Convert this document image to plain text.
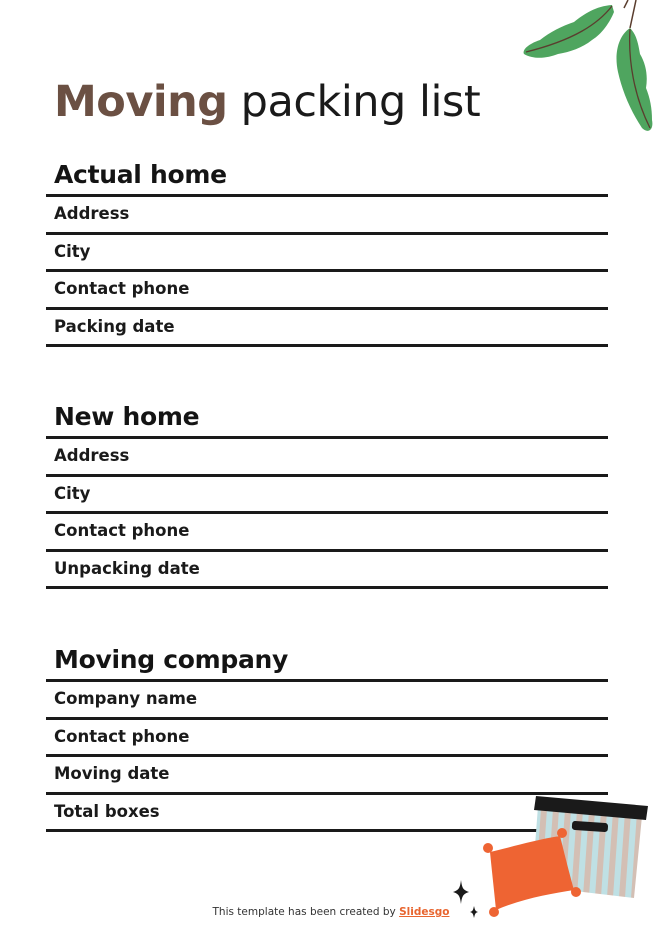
Moving packing list
Actual home
Address
City
Contact phone
Packing date
New home
Address
City
Contact phone
Unpacking date
Moving company
Company name
Contact phone
Moving date
Total boxes
This template has been created by Slidesgo
